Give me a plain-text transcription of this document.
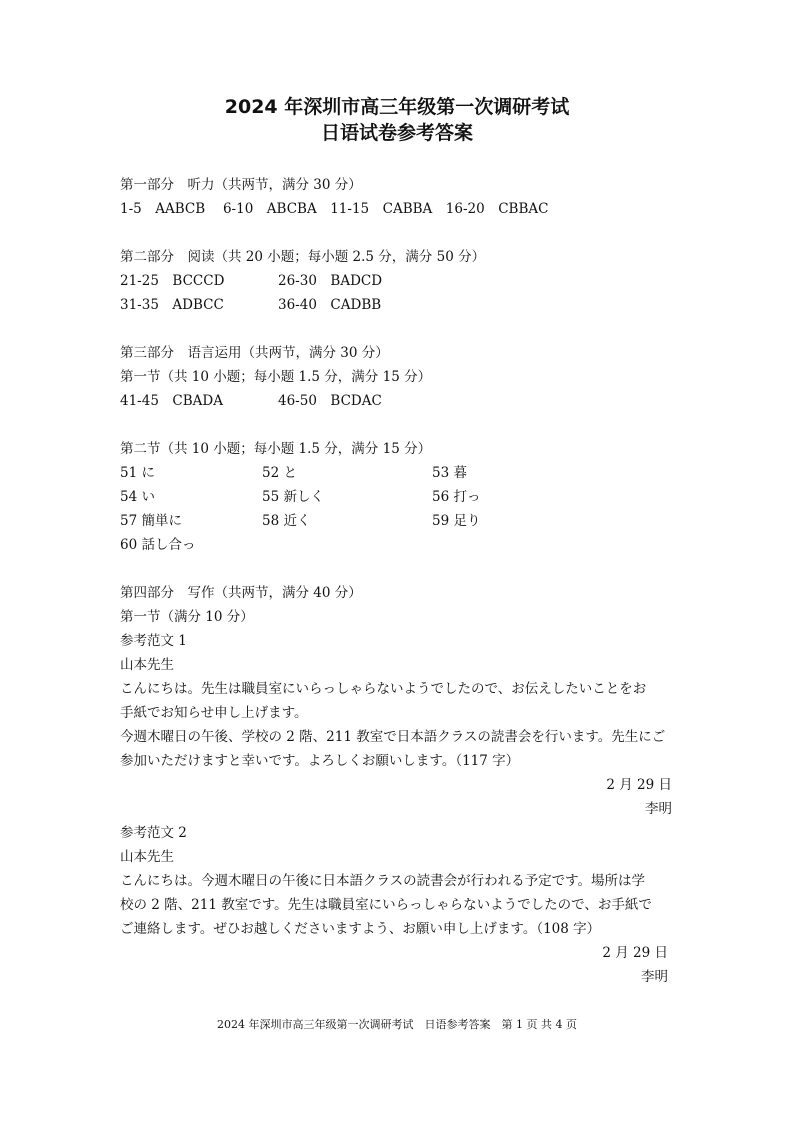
2024 年深圳市高三年级第一次调研考试
日语试卷参考答案
第一部分　听力（共两节，满分 30 分）
1-5　AABCB　 6-10　ABCBA　11-15　CABBA　16-20　CBBAC
第二部分　阅读（共 20 小题；每小题 2.5 分，满分 50 分）
21-25　BCCCD	26-30　BADCD
31-35　ADBCC	36-40　CADBB
第三部分　语言运用（共两节，满分 30 分）
第一节（共 10 小题；每小题 1.5 分，满分 15 分）
41-45　CBADA	46-50　BCDAC
第二节（共 10 小题；每小题 1.5 分，满分 15 分）
51 に	52 と	53 暮
54 い	55 新しく	56 打っ
57 簡単に	58 近く	59 足り
60 話し合っ
第四部分　写作（共两节，满分 40 分）
第一节（满分 10 分）
参考范文 1
山本先生
こんにちは。先生は職員室にいらっしゃらないようでしたので、お伝えしたいことをお
手紙でお知らせ申し上げます。
今週木曜日の午後、学校の 2 階、211 教室で日本語クラスの読書会を行います。先生にご
参加いただけますと幸いです。よろしくお願いします。（117 字）
2 月 29 日
李明
参考范文 2
山本先生
こんにちは。今週木曜日の午後に日本語クラスの読書会が行われる予定です。場所は学
校の 2 階、211 教室です。先生は職員室にいらっしゃらないようでしたので、お手紙で
ご連絡します。ぜひお越しくださいますよう、お願い申し上げます。（108 字）
2 月 29 日
李明
2024 年深圳市高三年级第一次调研考试　日语参考答案　第 1 页 共 4 页
